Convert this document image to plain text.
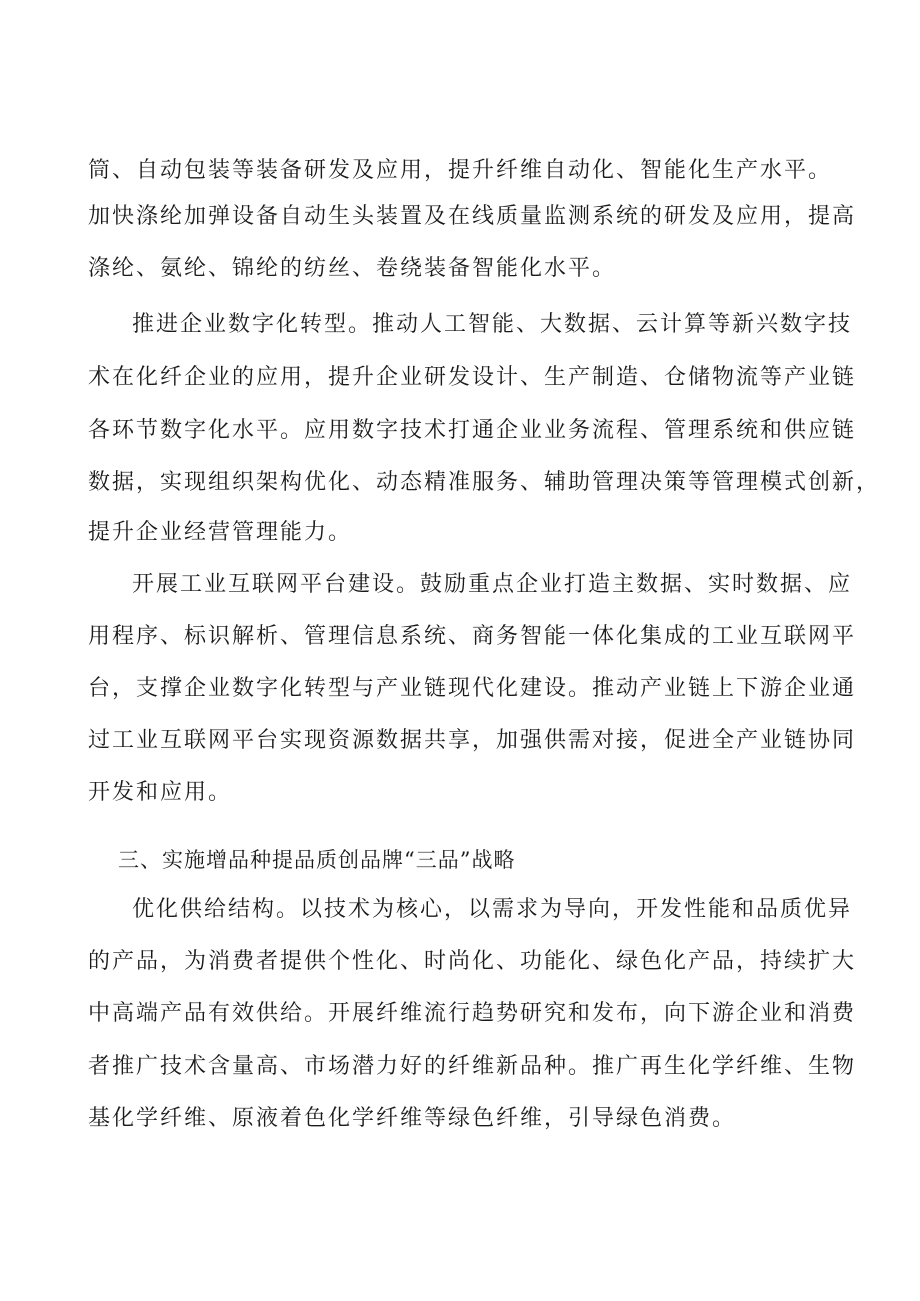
筒、自动包装等装备研发及应用，提升纤维自动化、智能化生产水平。
加快涤纶加弹设备自动生头装置及在线质量监测系统的研发及应用，提高
涤纶、氨纶、锦纶的纺丝、卷绕装备智能化水平。
推进企业数字化转型。推动人工智能、大数据、云计算等新兴数字技
术在化纤企业的应用，提升企业研发设计、生产制造、仓储物流等产业链
各环节数字化水平。应用数字技术打通企业业务流程、管理系统和供应链
数据，实现组织架构优化、动态精准服务、辅助管理决策等管理模式创新，
提升企业经营管理能力。
开展工业互联网平台建设。鼓励重点企业打造主数据、实时数据、应
用程序、标识解析、管理信息系统、商务智能一体化集成的工业互联网平
台，支撑企业数字化转型与产业链现代化建设。推动产业链上下游企业通
过工业互联网平台实现资源数据共享，加强供需对接，促进全产业链协同
开发和应用。
三、实施增品种提品质创品牌“三品”战略
优化供给结构。以技术为核心，以需求为导向，开发性能和品质优异
的产品，为消费者提供个性化、时尚化、功能化、绿色化产品，持续扩大
中高端产品有效供给。开展纤维流行趋势研究和发布，向下游企业和消费
者推广技术含量高、市场潜力好的纤维新品种。推广再生化学纤维、生物
基化学纤维、原液着色化学纤维等绿色纤维，引导绿色消费。
